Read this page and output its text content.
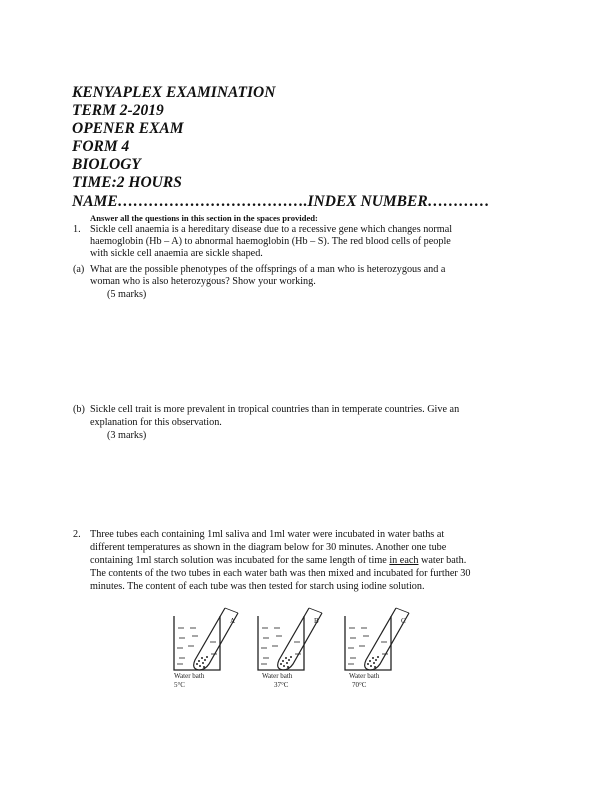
KENYAPLEX EXAMINATION
TERM 2-2019
OPENER EXAM
FORM 4
BIOLOGY
TIME:2 HOURS
NAME……………………………….INDEX NUMBER…………
Answer all the questions in this section in the spaces provided:
1. Sickle cell anaemia is a hereditary disease due to a recessive gene which changes normal
haemoglobin (Hb – A) to abnormal haemoglobin (Hb – S). The red blood cells of people
with sickle cell anaemia are sickle shaped.
(a) What are the possible phenotypes of the offsprings of a man who is heterozygous and a
woman who is also heterozygous? Show your working.
(5 marks)
(b) Sickle cell trait is more prevalent in tropical countries than in temperate countries. Give an
explanation for this observation.
(3 marks)
2. Three tubes each containing 1ml saliva and 1ml water were incubated in water baths at
different temperatures as shown in the diagram below for 30 minutes. Another one tube
containing 1ml starch solution was incubated for the same length of time in each water bath.
The contents of the two tubes in each water bath was then mixed and incubated for further 30
minutes. The content of each tube was then tested for starch using iodine solution.
A
Water bath
5°C
B
Water bath
37°C
C
Water bath
70°C
